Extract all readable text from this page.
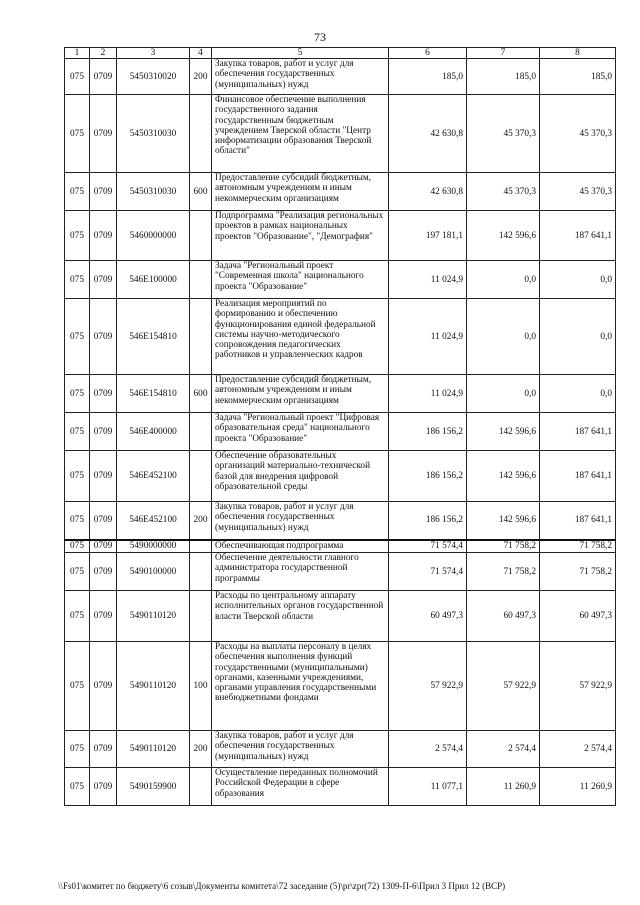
73
1	2	3	4	5	6	7	8
075	0709	5450310020	200	Закупка товаров, работ и услуг для обеспечения государственных (муниципальных) нужд	185,0	185,0	185,0
075	0709	5450310030		Финансовое обеспечение выполнения государственного задания государственным бюджетным учреждением Тверской области "Центр информатизации образования Тверской области"	42 630,8	45 370,3	45 370,3
075	0709	5450310030	600	Предоставление субсидий бюджетным, автономным учреждениям и иным некоммерческим организациям	42 630,8	45 370,3	45 370,3
075	0709	5460000000		Подпрограмма "Реализация региональных проектов в рамках национальных проектов "Образование", "Демография"	197 181,1	142 596,6	187 641,1
075	0709	546Е100000		Задача "Региональный проект "Современная школа" национального проекта "Образование"	11 024,9	0,0	0,0
075	0709	546Е154810		Реализация мероприятий по формированию и обеспечению функционирования единой федеральной системы научно-методического сопровождения педагогических работников и управленческих кадров	11 024,9	0,0	0,0
075	0709	546Е154810	600	Предоставление субсидий бюджетным, автономным учреждениям и иным некоммерческим организациям	11 024,9	0,0	0,0
075	0709	546Е400000		Задача "Региональный проект "Цифровая образовательная среда" национального проекта "Образование"	186 156,2	142 596,6	187 641,1
075	0709	546Е452100		Обеспечение образовательных организаций материально-технической базой для внедрения цифровой образовательной среды	186 156,2	142 596,6	187 641,1
075	0709	546Е452100	200	Закупка товаров, работ и услуг для обеспечения государственных (муниципальных) нужд	186 156,2	142 596,6	187 641,1
075	0709	5490000000		Обеспечивающая подпрограмма	71 574,4	71 758,2	71 758,2
075	0709	5490100000		Обеспечение деятельности главного администратора государственной программы	71 574,4	71 758,2	71 758,2
075	0709	5490110120		Расходы по центральному аппарату исполнительных органов государственной власти Тверской области	60 497,3	60 497,3	60 497,3
075	0709	5490110120	100	Расходы на выплаты персоналу в целях обеспечения выполнения функций государственными (муниципальными) органами, казенными учреждениями, органами управления государственными внебюджетными фондами	57 922,9	57 922,9	57 922,9
075	0709	5490110120	200	Закупка товаров, работ и услуг для обеспечения государственных (муниципальных) нужд	2 574,4	2 574,4	2 574,4
075	0709	5490159900		Осуществление переданных полномочий Российской Федерации в сфере образования	11 077,1	11 260,9	11 260,9
\\Fs01\комитет по бюджету\6 созыв\Документы комитета\72 заседание (5)\pr\zpr(72) 1309-П-6\Прил 3 Прил 12 (ВСР)
